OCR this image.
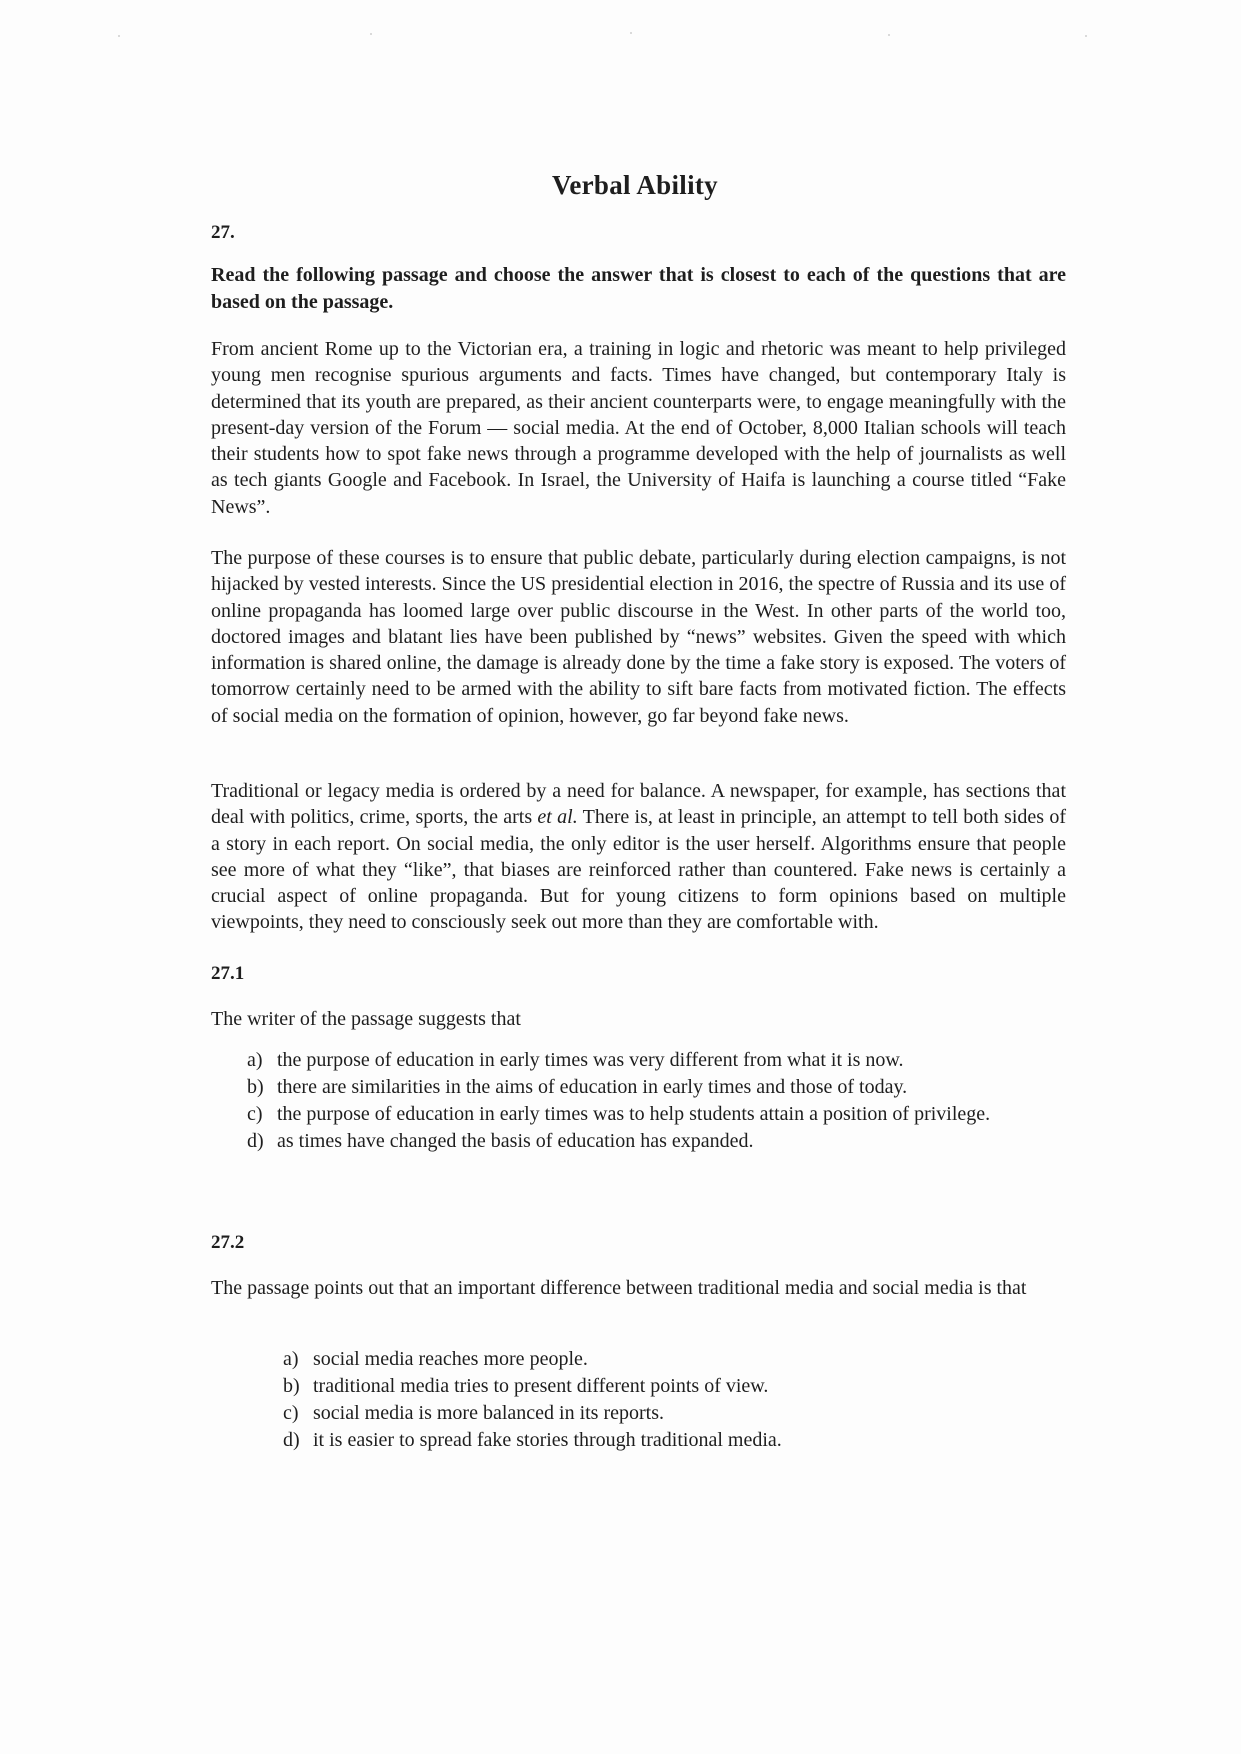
Verbal Ability
27.
Read the following passage and choose the answer that is closest to each of the questions that are based on the passage.

From ancient Rome up to the Victorian era, a training in logic and rhetoric was meant to help privileged young men recognise spurious arguments and facts. Times have changed, but contemporary Italy is determined that its youth are prepared, as their ancient counterparts were, to engage meaningfully with the present-day version of the Forum — social media. At the end of October, 8,000 Italian schools will teach their students how to spot fake news through a programme developed with the help of journalists as well as tech giants Google and Facebook. In Israel, the University of Haifa is launching a course titled “Fake News”.

The purpose of these courses is to ensure that public debate, particularly during election campaigns, is not hijacked by vested interests. Since the US presidential election in 2016, the spectre of Russia and its use of online propaganda has loomed large over public discourse in the West. In other parts of the world too, doctored images and blatant lies have been published by “news” websites. Given the speed with which information is shared online, the damage is already done by the time a fake story is exposed. The voters of tomorrow certainly need to be armed with the ability to sift bare facts from motivated fiction. The effects of social media on the formation of opinion, however, go far beyond fake news.

Traditional or legacy media is ordered by a need for balance. A newspaper, for example, has sections that deal with politics, crime, sports, the arts et al. There is, at least in principle, an attempt to tell both sides of a story in each report. On social media, the only editor is the user herself. Algorithms ensure that people see more of what they “like”, that biases are reinforced rather than countered. Fake news is certainly a crucial aspect of online propaganda. But for young citizens to form opinions based on multiple viewpoints, they need to consciously seek out more than they are comfortable with.

27.1

The writer of the passage suggests that

a) the purpose of education in early times was very different from what it is now.
b) there are similarities in the aims of education in early times and those of today.
c) the purpose of education in early times was to help students attain a position of privilege.
d) as times have changed the basis of education has expanded.
27.2

The passage points out that an important difference between traditional media and social media is that

a) social media reaches more people.
b) traditional media tries to present different points of view.
c) social media is more balanced in its reports.
d) it is easier to spread fake stories through traditional media.
